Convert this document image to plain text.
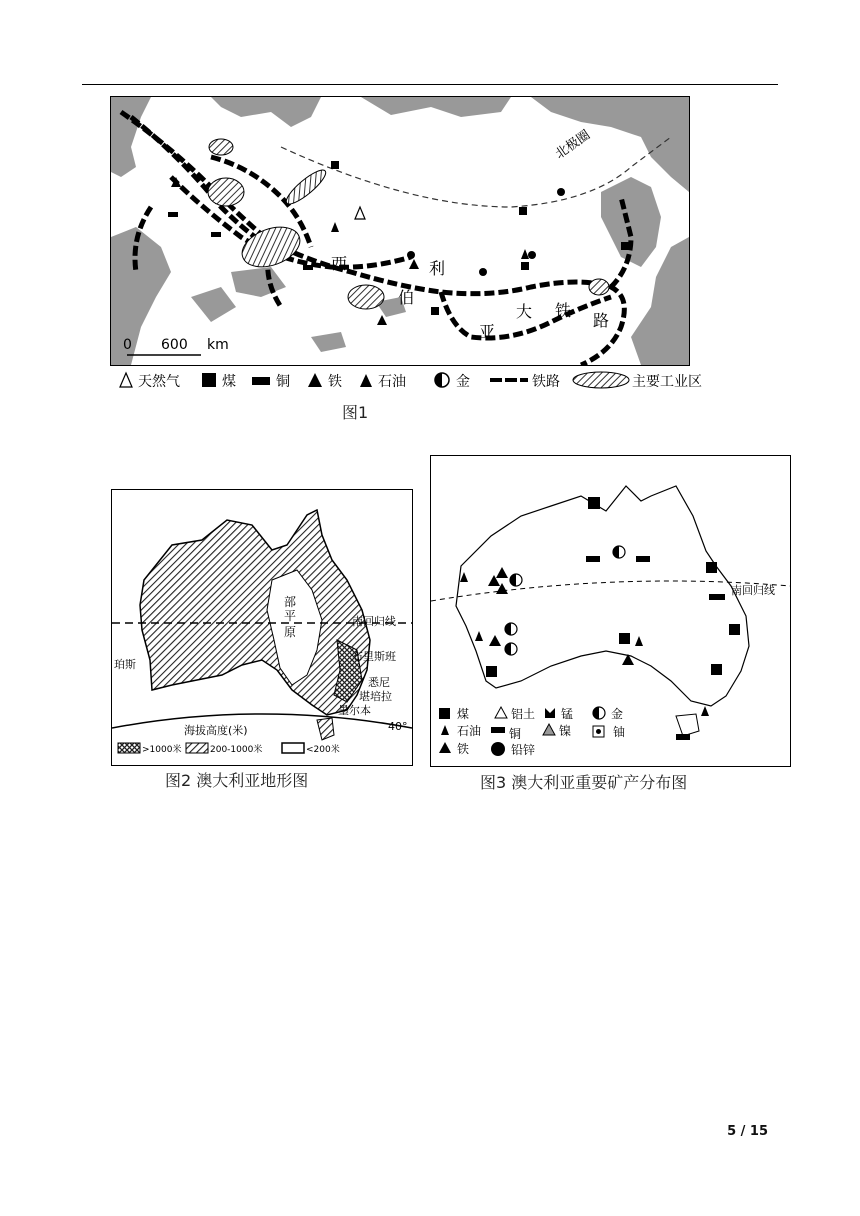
北极圈
西
伯
利
亚
大 铁
路
0 600 km
天然气	煤	铜	铁	石油	金	铁路	主要工业区
图1
部
平
原
南回归线
珀斯
布里斯班
悉尼
堪培拉
墨尔本
40°
海拔高度(米)
>1000米	200-1000米	<200米
图2 澳大利亚地形图
南回归线
煤	铝土 锰	金
石油 铜	镍	铀
铁	铅锌
图3 澳大利亚重要矿产分布图
5 / 15
